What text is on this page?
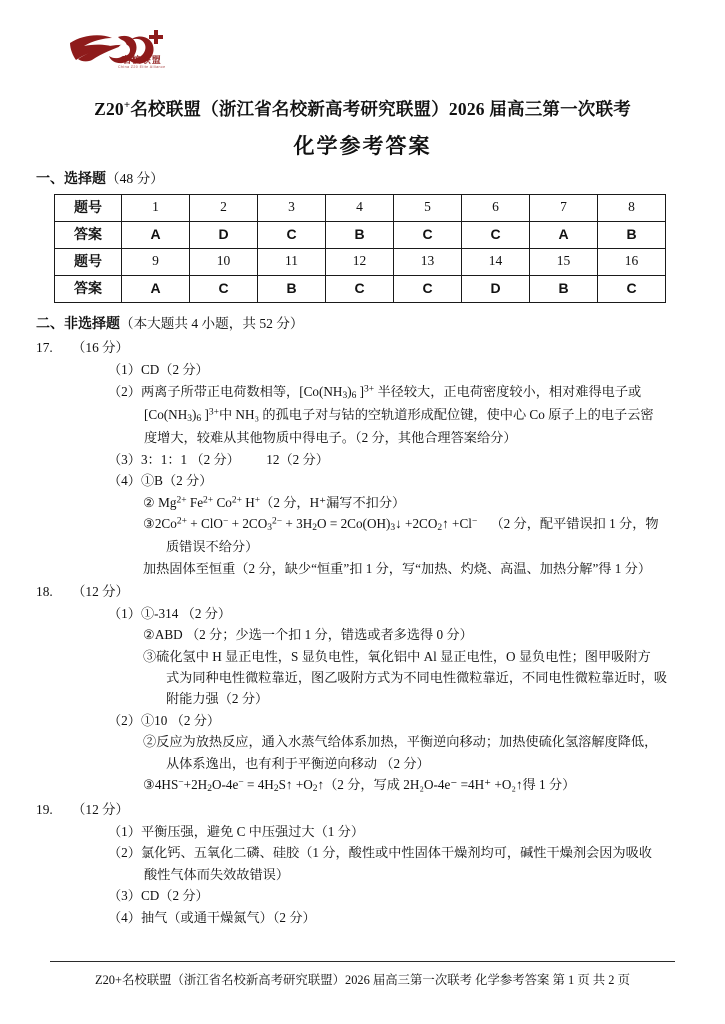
名校联盟
China Z20 Elite Alliance
Z20+名校联盟（浙江省名校新高考研究联盟）2026 届高三第一次联考
化学参考答案
一、选择题（48 分）
题号	1	2	3	4	5	6	7	8
答案	A	D	C	B	C	C	A	B
题号	9	10	11	12	13	14	15	16
答案	A	C	B	C	C	D	B	C
二、非选择题（本大题共 4 小题，共 52 分）
17.	（16 分）
（1）CD（2 分）
（2）两离子所带正电荷数相等，[$Co(NH_3)_6$ ]$^{3+}$ 半径较大，正电荷密度较小，相对难得电子或
[$Co(NH_3)_6$ ]$^{3+}$中 NH₃ 的孤电子对与钴的空轨道形成配位键，使中心 Co 原子上的电子云密
度增大，较难从其他物质中得电子。（2 分，其他合理答案给分）
（3）3：1：1 （2 分） 12（2 分）
（4）①B（2 分）
② $Mg^{2+}$ $Fe^{2+}$ $Co^{2+}$ H+（2 分，H⁺漏写不扣分）
$③2Co^{2+} + ClO^- + 2CO_3^{2-} + 3H_2O$ = $2Co(OH)_3↓$ $+2CO_2↑ +Cl^-$ （2 分，配平错误扣 1 分，物
质错误不给分）
加热固体至恒重（2 分，缺少“恒重”扣 1 分，写“加热、灼烧、高温、加热分解”得 1 分）
18.	（12 分）
（1）①-314 （2 分）
②ABD （2 分；少选一个扣 1 分，错选或者多选得 0 分）
③硫化氢中 H 显正电性，S 显负电性，氧化铝中 Al 显正电性，O 显负电性；图甲吸附方
式为同种电性微粒靠近，图乙吸附方式为不同电性微粒靠近，不同电性微粒靠近时，吸
附能力强（2 分）
（2）①10 （2 分）
②反应为放热反应，通入水蒸气给体系加热，平衡逆向移动；加热使硫化氢溶解度降低，
从体系逸出，也有利于平衡逆向移动 （2 分）
$③4HS^-+2H_2O-4e^-$ = $4H_2S↑$ $+O_2↑(2$ 分，写成 2H₂O-4e⁻ =4H⁺ +O₂↑得 1 分）
19.	（12 分）
（1）平衡压强，避免 C 中压强过大（1 分）
（2）氯化钙、五氧化二磷、硅胶（1 分，酸性或中性固体干燥剂均可，碱性干燥剂会因为吸收
酸性气体而失效故错误）
（3）CD（2 分）
（4）抽气（或通干燥氮气）（2 分）
Z20+名校联盟（浙江省名校新高考研究联盟）2026 届高三第一次联考 化学参考答案 第 1 页 共 2 页
